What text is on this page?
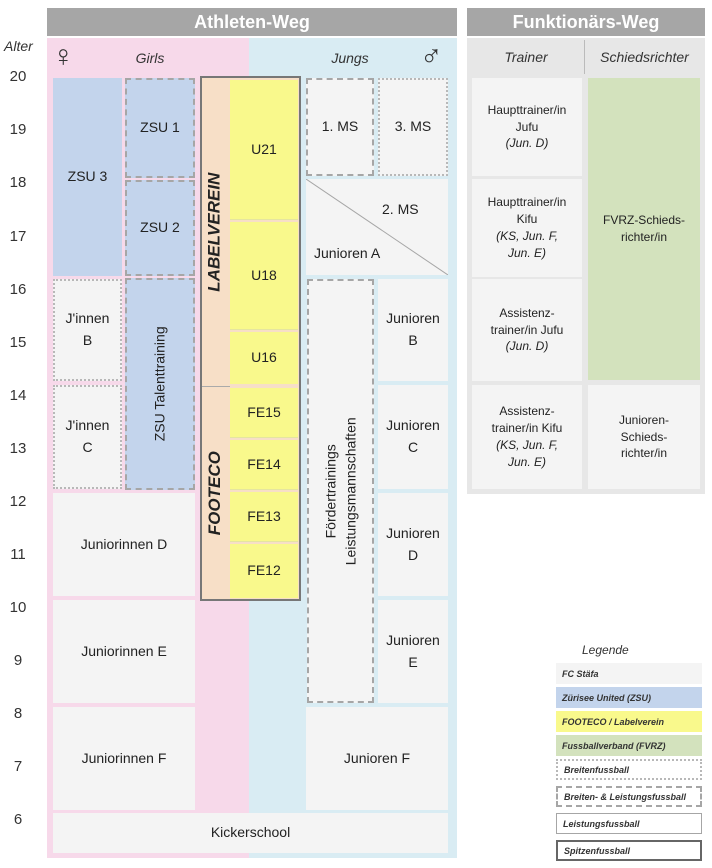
Athleten-Weg	Funktionärs-Weg
Alter ♀	Girls	Jungs	♂
20
19
18
17
16
15
14
13
12
11
10
9
8
7
6
ZSU 3
ZSU 1
ZSU 2
ZSU Talenttraining
J'innen B
J'innen C
Juniorinnen D
Juniorinnen E
Juniorinnen F
LABELVEREIN
FOOTECO
U21
U18
U16
FE15
FE14
FE13
FE12
1. MS	3. MS
2. MS
Junioren A
Fördertrainings Leistungsmannschaften
Junioren B
Junioren C
Junioren D
Junioren E
Junioren F
Kickerschool
Trainer	Schiedsrichter
Haupttrainer/in
Jufu
(Jun. D)
Haupttrainer/in
Kifu
(KS, Jun. F,
Jun. E)
Assistenz-
trainer/in Jufu
(Jun. D)
Assistenz-
trainer/in Kifu
(KS, Jun. F,
Jun. E)
FVRZ-Schieds-
richter/in
Junioren-
Schieds-
richter/in
Legende
FC Stäfa
Zürisee United (ZSU)
FOOTECO / Labelverein
Fussballverband (FVRZ)
Breitenfussball
Breiten- & Leistungsfussball
Leistungsfussball
Spitzenfussball
